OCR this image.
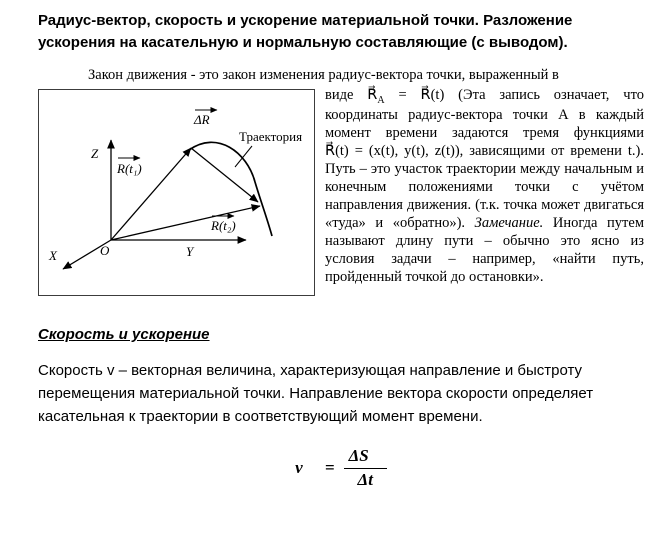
Радиус-вектор, скорость и ускорение материальной точки. Разложение ускорения на касательную и нормальную составляющие (с выводом).

Закон движения - это закон изменения радиус-вектора точки, выраженный в

Z
X	Y
O
R(t₁)
R(t₂)
ΔR
Траектория

виде $R⃗_A$ = R⃗(t) (Эта запись означает, что координаты радиус-вектора точки А в каждый момент времени задаются тремя функциями R⃗(t) = (x(t), y(t), z(t)), зависящими от времени t.). Путь – это участок траектории между начальным и конечным положениями точки с учётом направления движения. (т.к. точка может двигаться «туда» и «обратно»). Замечание. Иногда путем называют длину пути – обычно это ясно из условия задачи – например, «найти путь, пройденный точкой до остановки».

Скорость и ускорение

Скорость v – векторная величина, характеризующая направление и быстроту перемещения материальной точки. Направление вектора скорости определяет касательная к траектории в соответствующий момент времени.

v⃗ = $\frac{\Delta S⃗}{\Delta t}$
